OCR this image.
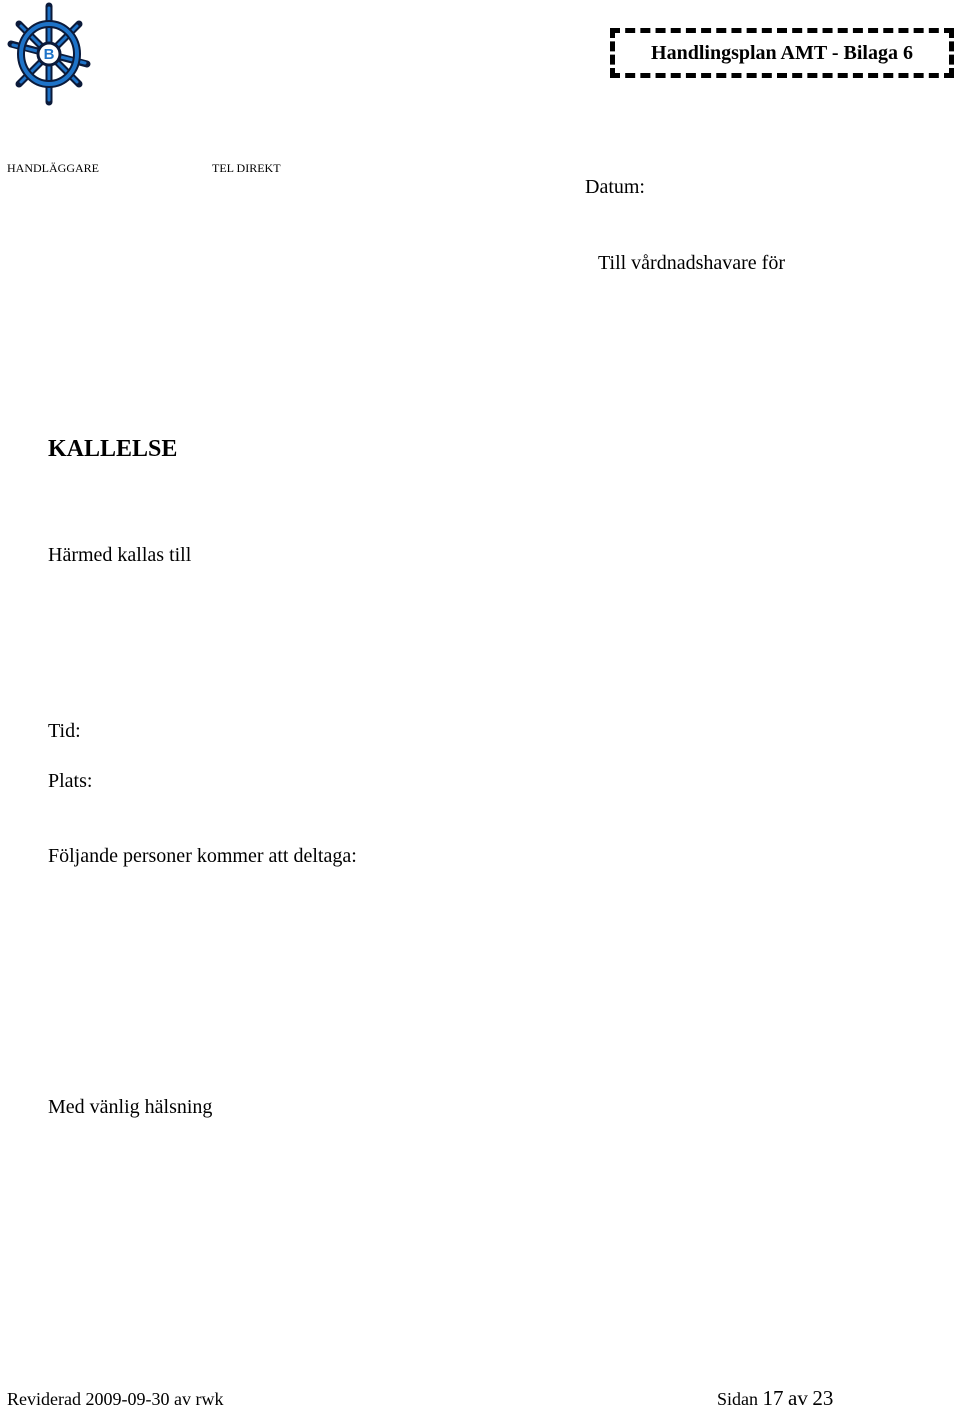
B	Handlingsplan AMT - Bilaga 6
HANDLÄGGARE	TEL DIREKT
Datum:
Till vårdnadshavare för
KALLELSE
Härmed kallas till
Tid:
Plats:
Följande personer kommer att deltaga:
Med vänlig hälsning
Reviderad 2009-09-30 av rwk	Sidan 17 av 23
